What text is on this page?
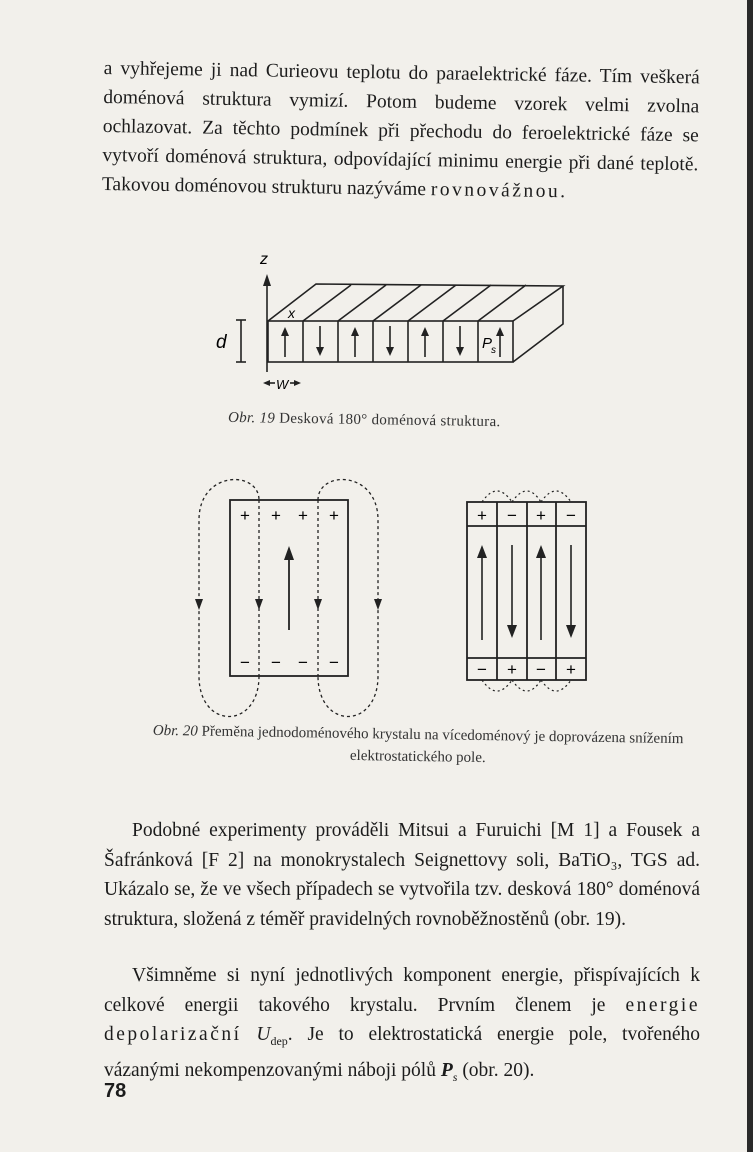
a vyhřejeme ji nad Curieovu teplotu do paraelektrické fáze. Tím veškerá doménová struktura vymizí. Potom budeme vzorek velmi zvolna ochlazovat. Za těchto podmínek při přechodu do feroelektrické fáze se vytvoří doménová struktura, odpovídající minimu energie při dané teplotě. Takovou doménovou strukturu nazýváme rovnovážnou.

z
x
d
W
P
s
Obr. 19 Desková 180° doménová struktura.
+ + + +
− − − −
+ − + −
− + − +
Obr. 20 Přeměna jednodoménového krystalu na vícedoménový je doprovázena snížením elektrostatického pole.

Podobné experimenty prováděli Mitsui a Furuichi [M 1] a Fousek a Šafránková [F 2] na monokrystalech Seignettovy soli, BaTiO₃, TGS ad. Ukázalo se, že ve všech případech se vytvořila tzv. desková 180° doménová struktura, složená z téměř pravidelných rovnoběžnostěnů (obr. 19).

Všimněme si nyní jednotlivých komponent energie, přispívajících k celkové energii takového krystalu. Prvním členem je energie depolarizační $U_{dep}$. Je to elektrostatická energie pole, tvořeného vázanými nekompenzovanými náboji pólů $P_s$ (obr. 20).

78
